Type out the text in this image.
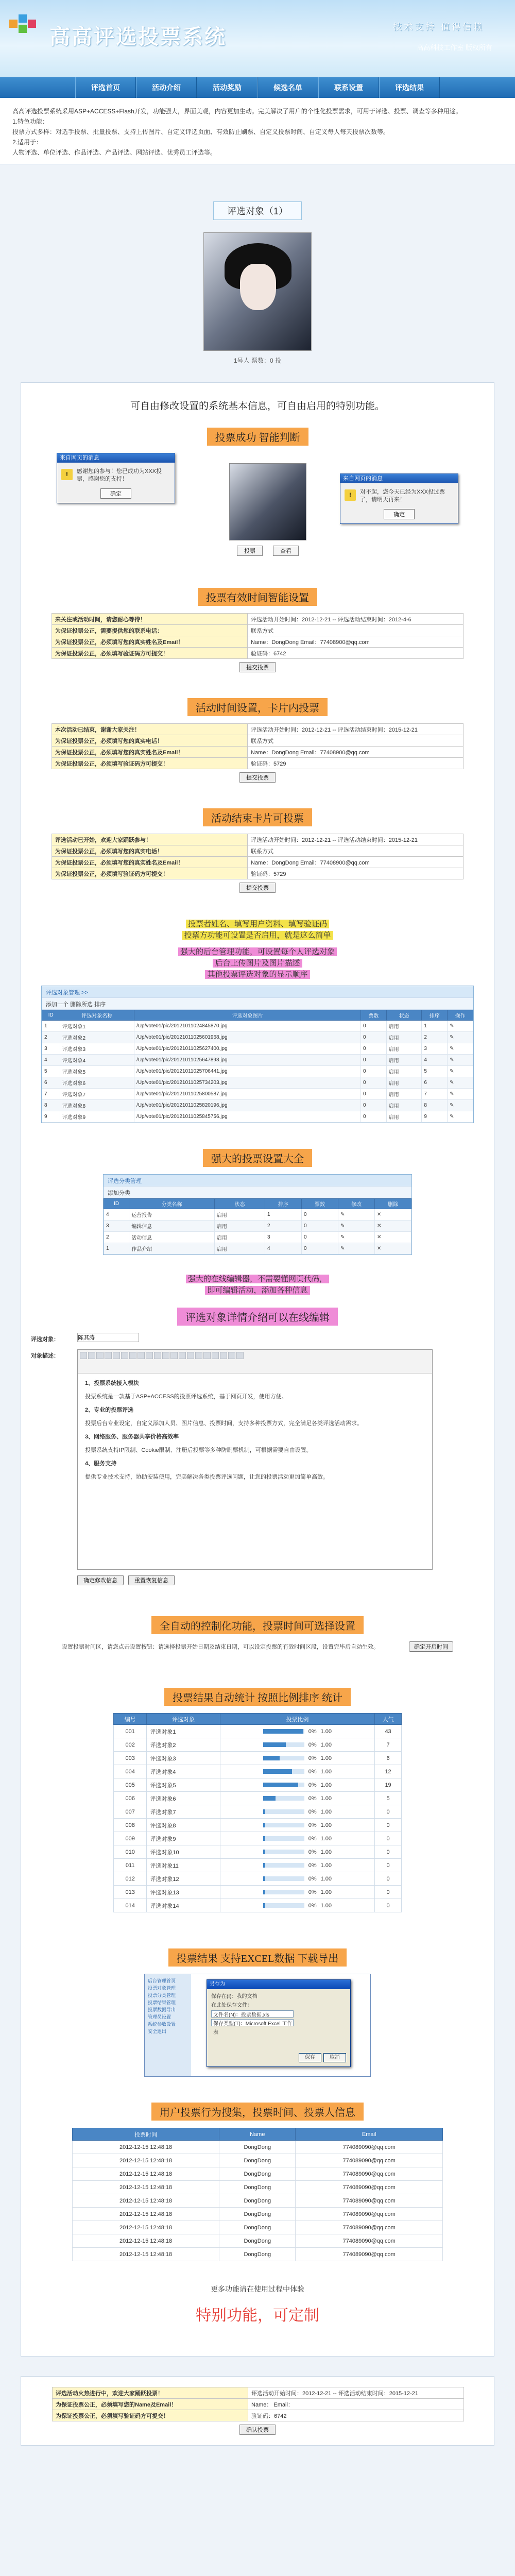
高高评选投票系统	技术支持 值得信赖
高高科技工作室 版权所有
评选首页	活动介绍	活动奖励	候选名单	联系设置	评选结果
高高评选投票系统采用ASP+ACCESS+Flash开发，功能强大，界面美观，内容更加生动。完美解决了用户的个性化投票需求，可用于评选、投票、调查等多种用途。
1.特色功能：
投票方式多样：对选手投票、批量投票、支持上传图片、自定义评选页面、有效防止刷票、自定义投票时间、自定义每人每天投票次数等。
2.适用于：
人物评选、单位评选、作品评选、产品评选、网站评选、优秀员工评选等。
评选对象（1）
1号人 票数：0 投
可自由修改设置的系统基本信息，可自由启用的特别功能。
投票成功 智能判断
来自网页的消息
! 感谢您的参与！您已成功为XXX投票，感谢您的支持！
确定
投票	查看
来自网页的消息
! 对不起，您今天已经为XXX投过票了，请明天再来！
确定
投票有效时间智能设置
来关注或活动时间，请您耐心等待！	评选活动开始时间：2012-12-21 -- 评选活动结束时间：2012-4-6
为保证投票公正，需要提供您的联系电话：	联系方式
为保证投票公正，必须填写您的真实姓名及Email！	Name：DongDong Email：77408900@qq.com
为保证投票公正，必须填写验证码方可提交！	验证码：6742
提交投票
活动时间设置，卡片内投票
本次活动已结束，谢谢大家关注！	评选活动开始时间：2012-12-21 -- 评选活动结束时间：2015-12-21
为保证投票公正，必须填写您的真实电话！	联系方式
为保证投票公正，必须填写您的真实姓名及Email！	Name：DongDong Email：77408900@qq.com
为保证投票公正，必须填写验证码方可提交！	验证码：5729
提交投票
活动结束卡片可投票
评选活动已开始，欢迎大家踊跃参与！	评选活动开始时间：2012-12-21 -- 评选活动结束时间：2015-12-21
为保证投票公正，必须填写您的真实电话！	联系方式
为保证投票公正，必须填写您的真实姓名及Email！	Name：DongDong Email：77408900@qq.com
为保证投票公正，必须填写验证码方可提交！	验证码：5729
提交投票
投票者姓名、填写用户资料、填写验证码
投票方功能可设置是否启用，就是这么简单
强大的后台管理功能，可设置每个人评选对象
后台上传图片及图片描述
其他投票评选对象的显示顺序
评选对象管理 >>
添加一个 删除所选 排序
ID	评选对象名称	评选对象图片	票数	状态	排序	操作
1	评选对象1	/Up/vote01/pic/20121011024845870.jpg	0	启用	1	✎
2	评选对象2	/Up/vote01/pic/20121011025601968.jpg	0	启用	2	✎
3	评选对象3	/Up/vote01/pic/20121011025627400.jpg	0	启用	3	✎
4	评选对象4	/Up/vote01/pic/20121011025647893.jpg	0	启用	4	✎
5	评选对象5	/Up/vote01/pic/20121011025706441.jpg	0	启用	5	✎
6	评选对象6	/Up/vote01/pic/20121011025734203.jpg	0	启用	6	✎
7	评选对象7	/Up/vote01/pic/20121011025800587.jpg	0	启用	7	✎
8	评选对象8	/Up/vote01/pic/20121011025820196.jpg	0	启用	8	✎
9	评选对象9	/Up/vote01/pic/20121011025845756.jpg	0	启用	9	✎
强大的投票设置大全
评选分类管理
添加分类
ID	分类名称	状态	排序	票数	修改	删除
4	运营报告	启用	1	0	✎	✕
3	编辑信息	启用	2	0	✎	✕
2	活动信息	启用	3	0	✎	✕
1	作品介绍	启用	4	0	✎	✕
强大的在线编辑器，不需要懂网页代码，
即可编辑活动，添加各种信息
评选对象详情介绍可以在线编辑
评选对象：
陈其涛
对象描述：

1、投票系统接入模块

投票系统是一款基于ASP+ACCESS的投票评选系统，基于网页开发，使用方便。

2、专业的投票评选

投票后台专业设定，自定义添加人员、图片信息、投票时间，支持多种投票方式，完全满足各类评选活动需求。

3、网络服务、服务器共享价格高效率

投票系统支持IP限制、Cookie限制、注册后投票等多种防刷票机制，可根据需要自由设置。

4、服务支持

提供专业技术支持，协助安装使用，完美解决各类投票评选问题，让您的投票活动更加简单高效。

确定修改信息	重置恢复信息
全自动的控制化功能，投票时间可选择设置
设置投票时间区，请您点击设置按钮：请选择投票开始日期及结束日期，可以设定投票的有效时间区段，设置完毕后自动生效。	确定开启时间
投票结果自动统计 按照比例排序 统计
编号	评选对象	投票比例	人气
001	评选对象1	0% 1.00	43
002	评选对象2	0% 1.00	7
003	评选对象3	0% 1.00	6
004	评选对象4	0% 1.00	12
005	评选对象5	0% 1.00	19
006	评选对象6	0% 1.00	5
007	评选对象7	0% 1.00	0
008	评选对象8	0% 1.00	0
009	评选对象9	0% 1.00	0
010	评选对象10	0% 1.00	0
011	评选对象11	0% 1.00	0
012	评选对象12	0% 1.00	0
013	评选对象13	0% 1.00	0
014	评选对象14	0% 1.00	0
投票结果 支持EXCEL数据 下载导出
后台管理首页
投票对象管理
投票分类管理
投票结果管理
投票数据导出
管理员设置
系统参数设置
安全退出
另存为
保存在(I)：我的文档
在此处保存文件：
文件名(N)：投票数据.xls
保存类型(T)：Microsoft Excel 工作表
保存	取消
用户投票行为搜集，投票时间、投票人信息
投票时间	Name	Email
2012-12-15 12:48:18	DongDong	774089090@qq.com
2012-12-15 12:48:18	DongDong	774089090@qq.com
2012-12-15 12:48:18	DongDong	774089090@qq.com
2012-12-15 12:48:18	DongDong	774089090@qq.com
2012-12-15 12:48:18	DongDong	774089090@qq.com
2012-12-15 12:48:18	DongDong	774089090@qq.com
2012-12-15 12:48:18	DongDong	774089090@qq.com
2012-12-15 12:48:18	DongDong	774089090@qq.com
2012-12-15 12:48:18	DongDong	774089090@qq.com
更多功能请在使用过程中体验
特别功能，可定制
评选活动火热进行中，欢迎大家踊跃投票！	评选活动开始时间：2012-12-21 -- 评选活动结束时间：2015-12-21
为保证投票公正，必须填写您的Name及Email！	Name： Email：
为保证投票公正，必须填写验证码方可提交！	验证码：6742
确认投票
